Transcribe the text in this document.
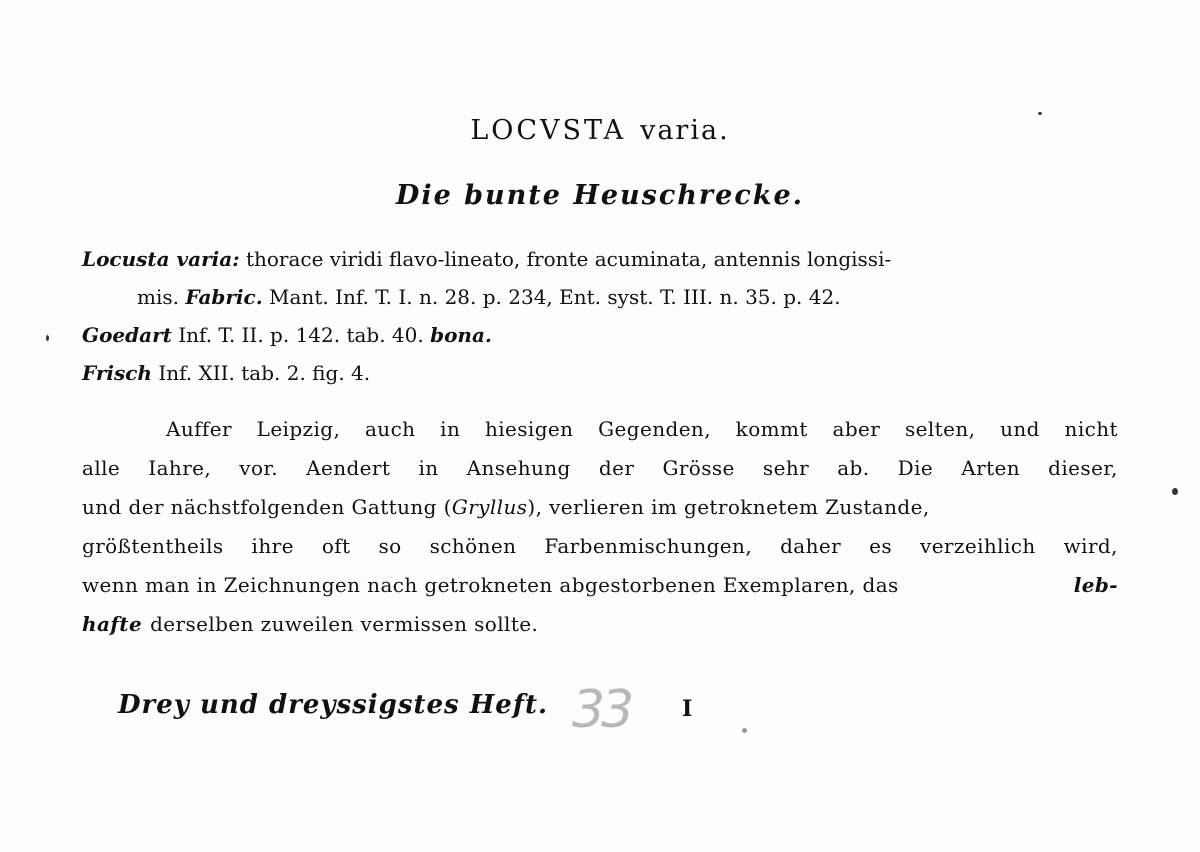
LOCVSTA varia.
Die bunte Heuschrecke.
Locusta varia: thorace viridi flavo-lineato, fronte acuminata, antennis longissi-
mis. Fabric. Mant. Inf. T. I. n. 28. p. 234, Ent. syst. T. III. n. 35. p. 42.
Goedart Inf. T. II. p. 142. tab. 40. bona.
Frisch Inf. XII. tab. 2. fig. 4.
Auffer Leipzig, auch in hiesigen Gegenden, kommt aber selten, und nicht
alle Iahre, vor. Aendert in Ansehung der Grösse sehr ab. Die Arten dieser,
und der nächstfolgenden Gattung (Gryllus), verlieren im getroknetem Zustande,
größtentheils ihre oft so schönen Farbenmischungen, daher es verzeihlich wird,
wenn man in Zeichnungen nach getrokneten abgestorbenen Exemplaren, das	leb-
hafte derselben zuweilen vermissen sollte.
Drey und dreyssigstes Heft. 33 I
